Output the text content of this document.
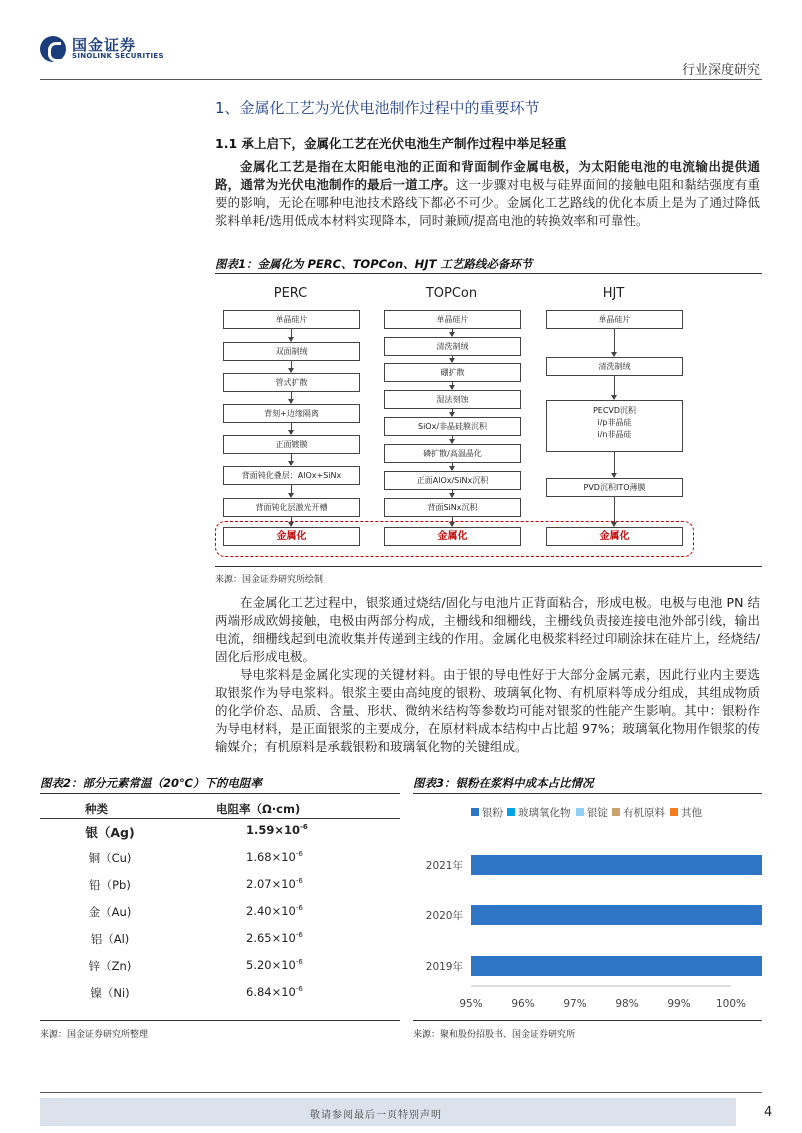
国金证券
SINOLINK SECURITIES
行业深度研究
1、金属化工艺为光伏电池制作过程中的重要环节
1.1 承上启下，金属化工艺在光伏电池生产制作过程中举足轻重
金属化工艺是指在太阳能电池的正面和背面制作金属电极，为太阳能电池的电流输出提供通路，通常为光伏电池制作的最后一道工序。这一步骤对电极与硅界面间的接触电阻和黏结强度有重要的影响，无论在哪种电池技术路线下都必不可少。金属化工艺路线的优化本质上是为了通过降低浆料单耗/选用低成本材料实现降本，同时兼顾/提高电池的转换效率和可靠性。
图表1：金属化为 PERC、TOPCon、HJT 工艺路线必备环节
PERC
单晶硅片
双面制绒
管式扩散
背刻+边缘隔离
正面镀膜
背面钝化叠层：AlOx+SiNx
背面钝化层激光开槽
金属化
TOPCon
单晶硅片
清洗制绒
硼扩散
湿法刻蚀
SiOx/非晶硅膜沉积
磷扩散/高温晶化
正面AlOx/SiNx沉积
背面SiNx沉积
金属化
HJT
单晶硅片
清洗制绒
PECVD沉积
i/p非晶硅
i/n非晶硅
PVD沉积ITO薄膜
金属化
来源：国金证券研究所绘制
在金属化工艺过程中，银浆通过烧结/固化与电池片正背面粘合，形成电极。电极与电池 PN 结两端形成欧姆接触，电极由两部分构成，主栅线和细栅线，主栅线负责接连接电池外部引线，输出电流，细栅线起到电流收集并传递到主线的作用。金属化电极浆料经过印刷涂抹在硅片上，经烧结/固化后形成电极。
导电浆料是金属化实现的关键材料。由于银的导电性好于大部分金属元素，因此行业内主要选取银浆作为导电浆料。银浆主要由高纯度的银粉、玻璃氧化物、有机原料等成分组成，其组成物质的化学价态、品质、含量、形状、微纳米结构等参数均可能对银浆的性能产生影响。其中：银粉作为导电材料，是正面银浆的主要成分，在原材料成本结构中占比超 97%；玻璃氧化物用作银浆的传输媒介；有机原料是承载银粉和玻璃氧化物的关键组成。
图表2：部分元素常温（20℃）下的电阻率
种类	电阻率（Ω·cm)
银（Ag)	$1.59\times 10^{-6}$
铜（Cu)	$1.68\times 10^{-6}$
铅（Pb)	$2.07\times 10^{-6}$
金（Au)	$2.40\times 10^{-6}$
铝（Al)	$2.65\times 10^{-6}$
锌（Zn)	$5.20\times 10^{-6}$
镍（Ni)	$6.84\times 10^{-6}$
来源：国金证券研究所整理
图表3：银粉在浆料中成本占比情况
银粉 玻璃氧化物 银锭 有机原料 其他
2021年
2020年
2019年
95%	96%	97%	98%	99% 100%
来源：聚和股份招股书、国金证券研究所
敬请参阅最后一页特别声明	4
